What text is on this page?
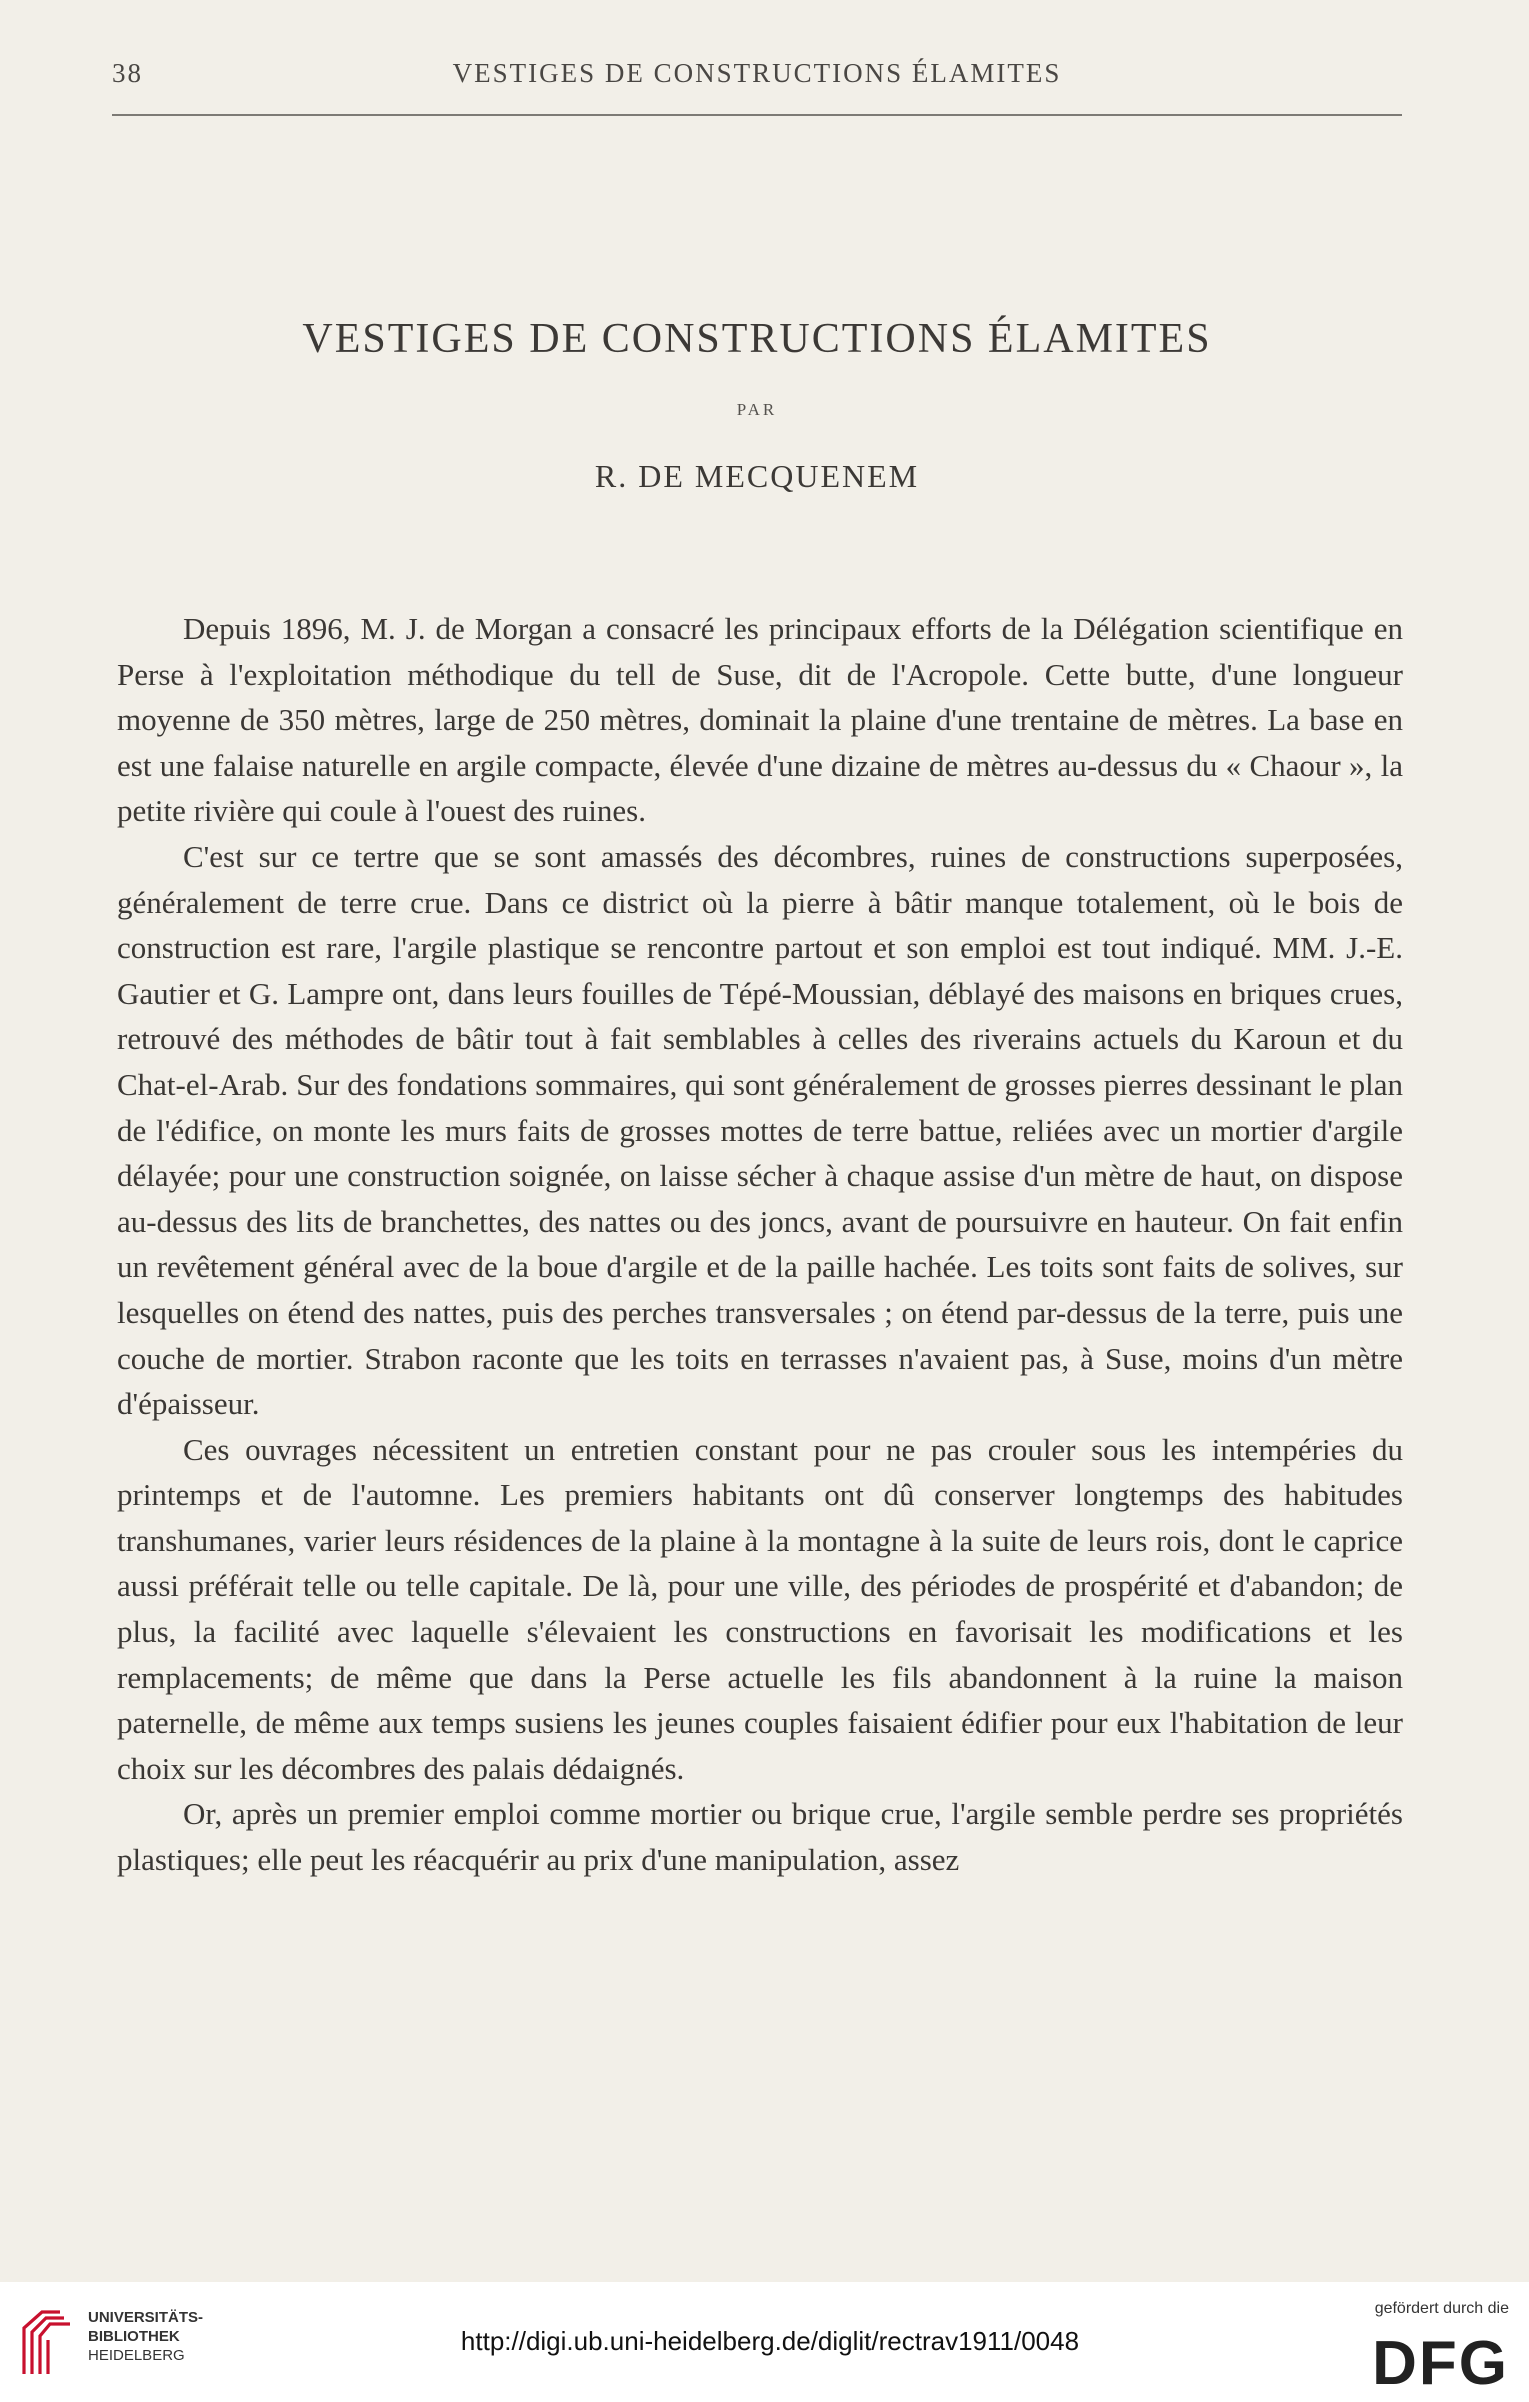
38	VESTIGES DE CONSTRUCTIONS ÉLAMITES
VESTIGES DE CONSTRUCTIONS ÉLAMITES
PAR
R. DE MECQUENEM

Depuis 1896, M. J. de Morgan a consacré les principaux efforts de la Délégation scientifique en Perse à l'exploitation méthodique du tell de Suse, dit de l'Acropole. Cette butte, d'une longueur moyenne de 350 mètres, large de 250 mètres, dominait la plaine d'une trentaine de mètres. La base en est une falaise naturelle en argile compacte, élevée d'une dizaine de mètres au-dessus du « Chaour », la petite rivière qui coule à l'ouest des ruines.

C'est sur ce tertre que se sont amassés des décombres, ruines de constructions superposées, généralement de terre crue. Dans ce district où la pierre à bâtir manque totalement, où le bois de construction est rare, l'argile plastique se rencontre partout et son emploi est tout indiqué. MM. J.-E. Gautier et G. Lampre ont, dans leurs fouilles de Tépé-Moussian, déblayé des maisons en briques crues, retrouvé des méthodes de bâtir tout à fait semblables à celles des riverains actuels du Karoun et du Chat-el-Arab. Sur des fondations sommaires, qui sont généralement de grosses pierres dessinant le plan de l'édifice, on monte les murs faits de grosses mottes de terre battue, reliées avec un mortier d'argile délayée; pour une construction soignée, on laisse sécher à chaque assise d'un mètre de haut, on dispose au-dessus des lits de branchettes, des nattes ou des joncs, avant de poursuivre en hauteur. On fait enfin un revêtement général avec de la boue d'argile et de la paille hachée. Les toits sont faits de solives, sur lesquelles on étend des nattes, puis des perches transversales ; on étend par-dessus de la terre, puis une couche de mortier. Strabon raconte que les toits en terrasses n'avaient pas, à Suse, moins d'un mètre d'épaisseur.

Ces ouvrages nécessitent un entretien constant pour ne pas crouler sous les intempéries du printemps et de l'automne. Les premiers habitants ont dû conserver longtemps des habitudes transhumanes, varier leurs résidences de la plaine à la montagne à la suite de leurs rois, dont le caprice aussi préférait telle ou telle capitale. De là, pour une ville, des périodes de prospérité et d'abandon; de plus, la facilité avec laquelle s'élevaient les constructions en favorisait les modifications et les remplacements; de même que dans la Perse actuelle les fils abandonnent à la ruine la maison paternelle, de même aux temps susiens les jeunes couples faisaient édifier pour eux l'habitation de leur choix sur les décombres des palais dédaignés.

Or, après un premier emploi comme mortier ou brique crue, l'argile semble perdre ses propriétés plastiques; elle peut les réacquérir au prix d'une manipulation, assez

UNIVERSITÄTS-
BIBLIOTHEK
HEIDELBERG	http://digi.ub.uni-heidelberg.de/diglit/rectrav1911/0048
gefördert durch die
DFG
